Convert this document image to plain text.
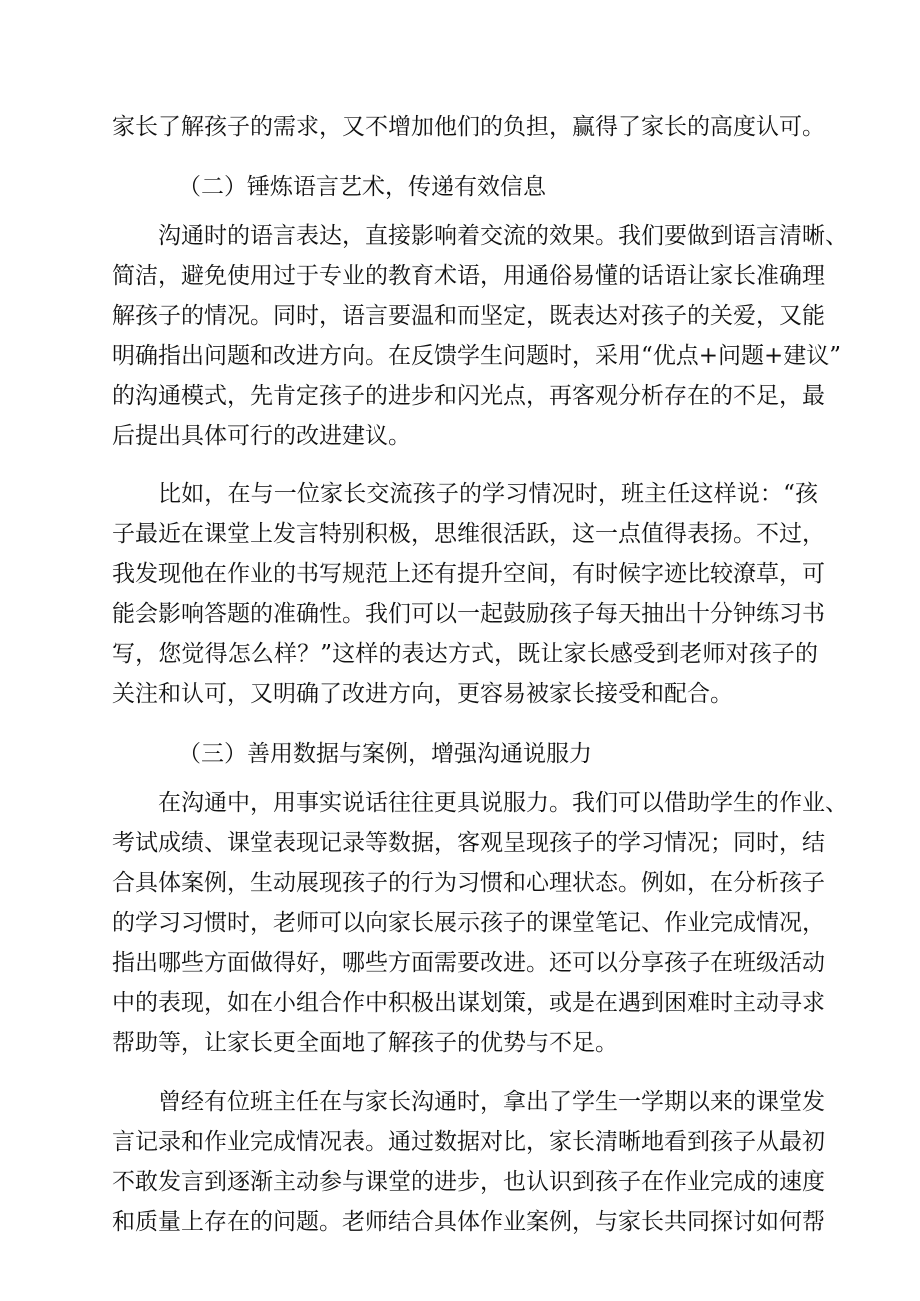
家长了解孩子的需求，又不增加他们的负担，赢得了家长的高度认可。
（二）锤炼语言艺术，传递有效信息
沟通时的语言表达，直接影响着交流的效果。我们要做到语言清晰、
简洁，避免使用过于专业的教育术语，用通俗易懂的话语让家长准确理
解孩子的情况。同时，语言要温和而坚定，既表达对孩子的关爱，又能
明确指出问题和改进方向。在反馈学生问题时，采用“优点+问题+建议”
的沟通模式，先肯定孩子的进步和闪光点，再客观分析存在的不足，最
后提出具体可行的改进建议。
比如，在与一位家长交流孩子的学习情况时，班主任这样说：“孩
子最近在课堂上发言特别积极，思维很活跃，这一点值得表扬。不过，
我发现他在作业的书写规范上还有提升空间，有时候字迹比较潦草，可
能会影响答题的准确性。我们可以一起鼓励孩子每天抽出十分钟练习书
写，您觉得怎么样？”这样的表达方式，既让家长感受到老师对孩子的
关注和认可，又明确了改进方向，更容易被家长接受和配合。
（三）善用数据与案例，增强沟通说服力
在沟通中，用事实说话往往更具说服力。我们可以借助学生的作业、
考试成绩、课堂表现记录等数据，客观呈现孩子的学习情况；同时，结
合具体案例，生动展现孩子的行为习惯和心理状态。例如，在分析孩子
的学习习惯时，老师可以向家长展示孩子的课堂笔记、作业完成情况，
指出哪些方面做得好，哪些方面需要改进。还可以分享孩子在班级活动
中的表现，如在小组合作中积极出谋划策，或是在遇到困难时主动寻求
帮助等，让家长更全面地了解孩子的优势与不足。
曾经有位班主任在与家长沟通时，拿出了学生一学期以来的课堂发
言记录和作业完成情况表。通过数据对比，家长清晰地看到孩子从最初
不敢发言到逐渐主动参与课堂的进步，也认识到孩子在作业完成的速度
和质量上存在的问题。老师结合具体作业案例，与家长共同探讨如何帮
